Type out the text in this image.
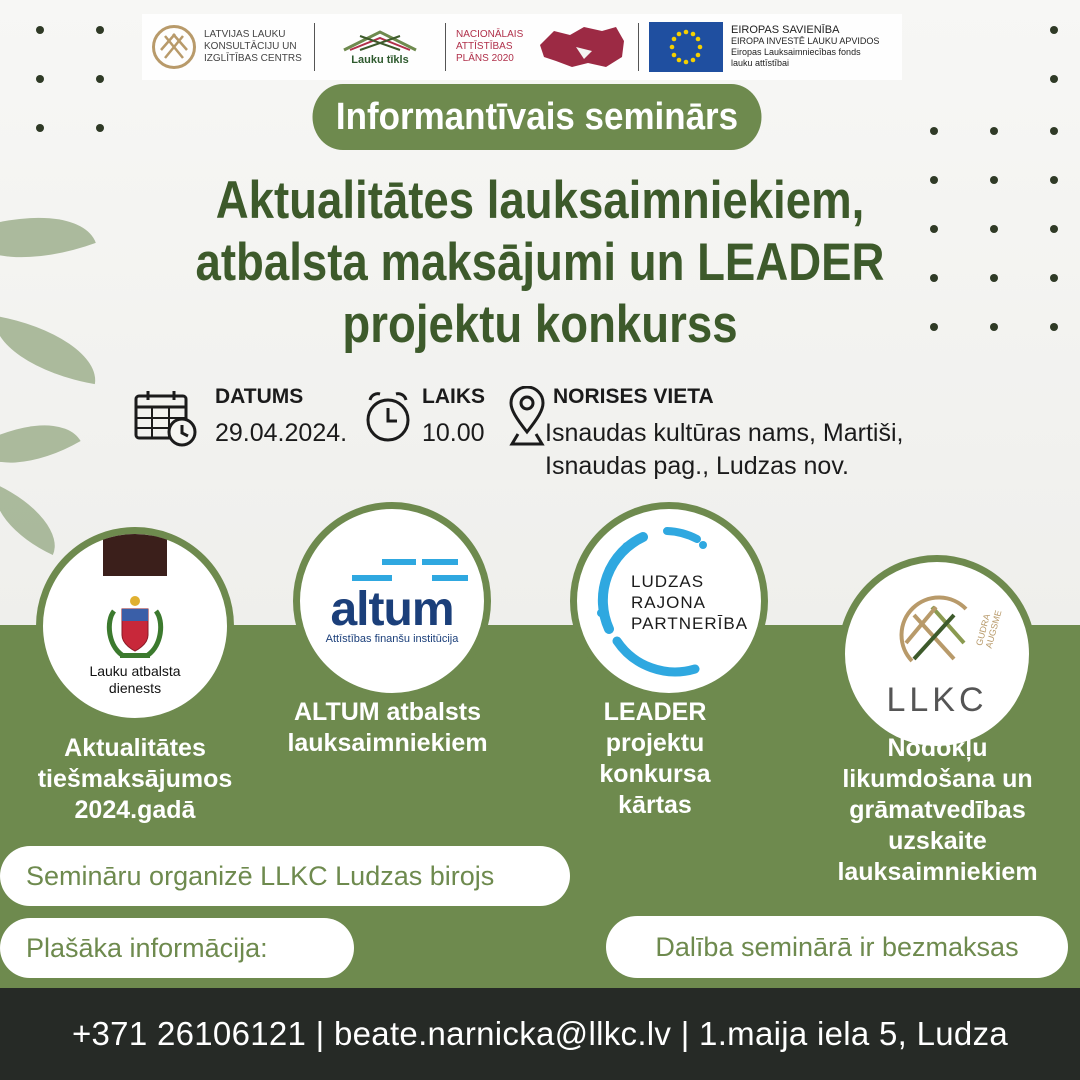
LATVIJAS LAUKU KONSULTĀCIJU UN IZGLĪTĪBAS CENTRS	Lauku tīkls
NACIONĀLAIS
ATTĪSTĪBAS
PLĀNS 2020
EIROPAS SAVIENĪBA
EIROPA INVESTĒ LAUKU APVIDOS
Eiropas Lauksaimniecības fonds
lauku attīstībai
Informantīvais seminārs
Aktualitātes lauksaimniekiem,
atbalsta maksājumi un LEADER
projektu konkurss
DATUMS
29.04.2024.
LAIKS
10.00
NORISES VIETA
Isnaudas kultūras nams, Martiši,
Isnaudas pag., Ludzas nov.
Lauku atbalsta dienests
altum
Attīstības finanšu institūcija
LUDZAS
RAJONA
PARTNERĪBA	GUDRA AUGSME
LLKC
Aktualitātes
tiešmaksājumos
2024.gadā
ALTUM atbalsts
lauksaimniekiem
LEADER
projektu
konkursa
kārtas
Nodokļu
likumdošana un
grāmatvedības
uzskaite
lauksaimniekiem
Semināru organizē LLKC Ludzas birojs
Plašāka informācija:	Dalība seminārā ir bezmaksas
+371 26106121 | beate.narnicka@llkc.lv | 1.maija iela 5, Ludza
